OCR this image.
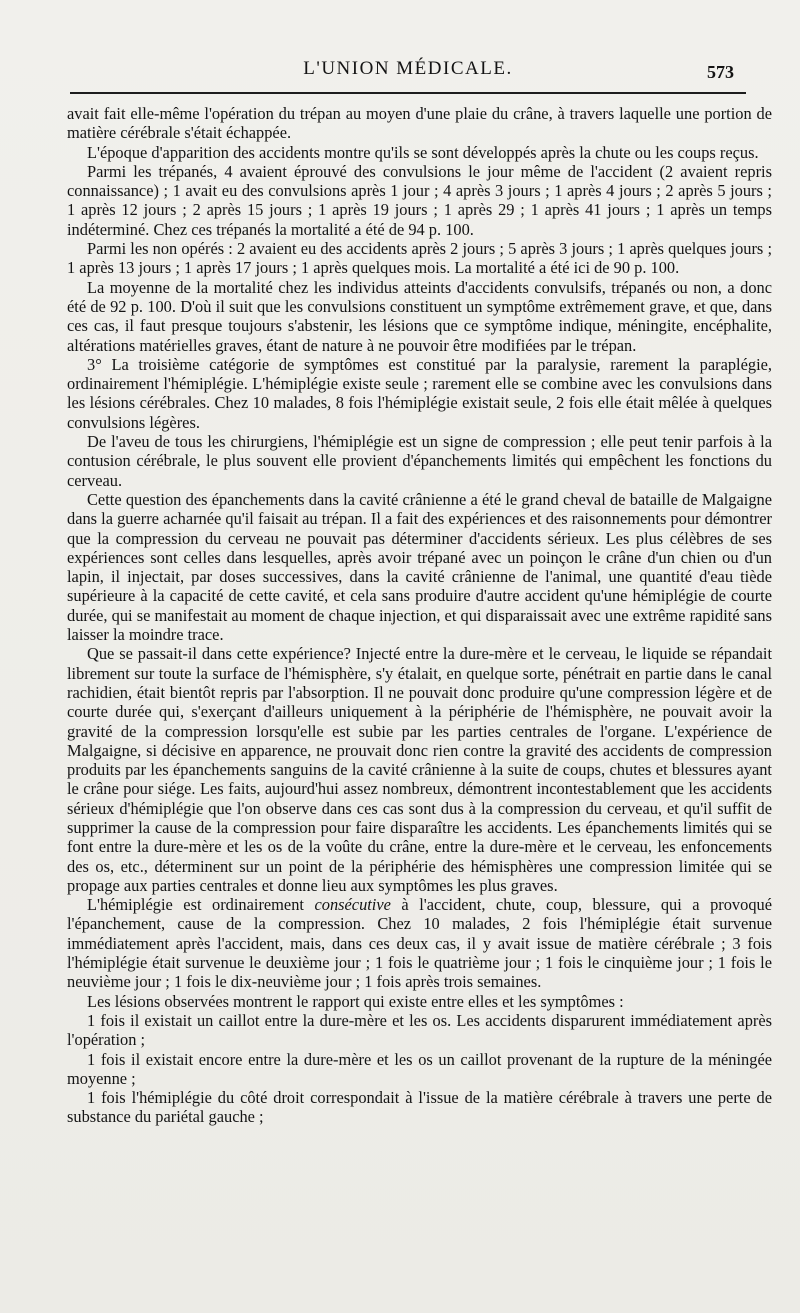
L'UNION MÉDICALE.	573

avait fait elle-même l'opération du trépan au moyen d'une plaie du crâne, à travers laquelle une portion de matière cérébrale s'était échappée.

L'époque d'apparition des accidents montre qu'ils se sont développés après la chute ou les coups reçus.

Parmi les trépanés, 4 avaient éprouvé des convulsions le jour même de l'accident (2 avaient repris connaissance) ; 1 avait eu des convulsions après 1 jour ; 4 après 3 jours ; 1 après 4 jours ; 2 après 5 jours ; 1 après 12 jours ; 2 après 15 jours ; 1 après 19 jours ; 1 après 29 ; 1 après 41 jours ; 1 après un temps indéterminé. Chez ces trépanés la mortalité a été de 94 p. 100.

Parmi les non opérés : 2 avaient eu des accidents après 2 jours ; 5 après 3 jours ; 1 après quelques jours ; 1 après 13 jours ; 1 après 17 jours ; 1 après quelques mois. La mortalité a été ici de 90 p. 100.

La moyenne de la mortalité chez les individus atteints d'accidents convulsifs, trépanés ou non, a donc été de 92 p. 100. D'où il suit que les convulsions constituent un symptôme extrêmement grave, et que, dans ces cas, il faut presque toujours s'abstenir, les lésions que ce symptôme indique, méningite, encéphalite, altérations matérielles graves, étant de nature à ne pouvoir être modifiées par le trépan.

3° La troisième catégorie de symptômes est constitué par la paralysie, rarement la paraplégie, ordinairement l'hémiplégie. L'hémiplégie existe seule ; rarement elle se combine avec les convulsions dans les lésions cérébrales. Chez 10 malades, 8 fois l'hémiplégie existait seule, 2 fois elle était mêlée à quelques convulsions légères.

De l'aveu de tous les chirurgiens, l'hémiplégie est un signe de compression ; elle peut tenir parfois à la contusion cérébrale, le plus souvent elle provient d'épanchements limités qui empêchent les fonctions du cerveau.

Cette question des épanchements dans la cavité crânienne a été le grand cheval de bataille de Malgaigne dans la guerre acharnée qu'il faisait au trépan. Il a fait des expériences et des raisonnements pour démontrer que la compression du cerveau ne pouvait pas déterminer d'accidents sérieux. Les plus célèbres de ses expériences sont celles dans lesquelles, après avoir trépané avec un poinçon le crâne d'un chien ou d'un lapin, il injectait, par doses successives, dans la cavité crânienne de l'animal, une quantité d'eau tiède supérieure à la capacité de cette cavité, et cela sans produire d'autre accident qu'une hémiplégie de courte durée, qui se manifestait au moment de chaque injection, et qui disparaissait avec une extrême rapidité sans laisser la moindre trace.

Que se passait-il dans cette expérience? Injecté entre la dure-mère et le cerveau, le liquide se répandait librement sur toute la surface de l'hémisphère, s'y étalait, en quelque sorte, pénétrait en partie dans le canal rachidien, était bientôt repris par l'absorption. Il ne pouvait donc produire qu'une compression légère et de courte durée qui, s'exerçant d'ailleurs uniquement à la périphérie de l'hémisphère, ne pouvait avoir la gravité de la compression lorsqu'elle est subie par les parties centrales de l'organe. L'expérience de Malgaigne, si décisive en apparence, ne prouvait donc rien contre la gravité des accidents de compression produits par les épanchements sanguins de la cavité crânienne à la suite de coups, chutes et blessures ayant le crâne pour siége. Les faits, aujourd'hui assez nombreux, démontrent incontestablement que les accidents sérieux d'hémiplégie que l'on observe dans ces cas sont dus à la compression du cerveau, et qu'il suffit de supprimer la cause de la compression pour faire disparaître les accidents. Les épanchements limités qui se font entre la dure-mère et les os de la voûte du crâne, entre la dure-mère et le cerveau, les enfoncements des os, etc., déterminent sur un point de la périphérie des hémisphères une compression limitée qui se propage aux parties centrales et donne lieu aux symptômes les plus graves.

L'hémiplégie est ordinairement consécutive à l'accident, chute, coup, blessure, qui a provoqué l'épanchement, cause de la compression. Chez 10 malades, 2 fois l'hémiplégie était survenue immédiatement après l'accident, mais, dans ces deux cas, il y avait issue de matière cérébrale ; 3 fois l'hémiplégie était survenue le deuxième jour ; 1 fois le quatrième jour ; 1 fois le cinquième jour ; 1 fois le neuvième jour ; 1 fois le dix-neuvième jour ; 1 fois après trois semaines.

Les lésions observées montrent le rapport qui existe entre elles et les symptômes :

1 fois il existait un caillot entre la dure-mère et les os. Les accidents disparurent immédiatement après l'opération ;

1 fois il existait encore entre la dure-mère et les os un caillot provenant de la rupture de la méningée moyenne ;

1 fois l'hémiplégie du côté droit correspondait à l'issue de la matière cérébrale à travers une perte de substance du pariétal gauche ;
